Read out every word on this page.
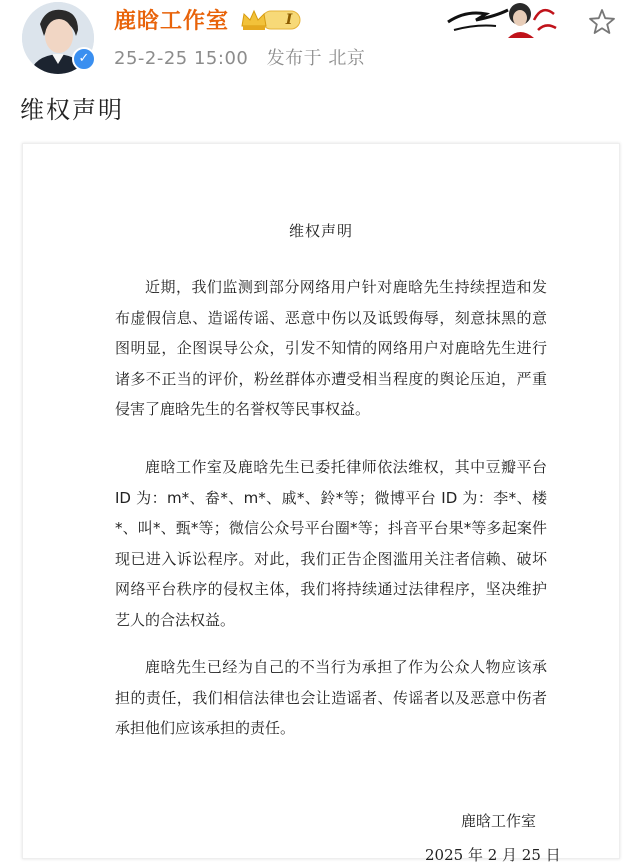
✓
鹿晗工作室	I
25-2-25 15:00 发布于 北京
维权声明
维权声明

近期，我们监测到部分网络用户针对鹿晗先生持续捏造和发布虚假信息、造谣传谣、恶意中伤以及诋毁侮辱，刻意抹黑的意图明显，企图误导公众，引发不知情的网络用户对鹿晗先生进行诸多不正当的评价，粉丝群体亦遭受相当程度的舆论压迫，严重侵害了鹿晗先生的名誉权等民事权益。

鹿晗工作室及鹿晗先生已委托律师依法维权，其中豆瓣平台 ID 为：m*、畚*、m*、戚*、鈴*等；微博平台 ID 为：李*、楼*、叫*、甄*等；微信公众号平台圈*等；抖音平台果*等多起案件现已进入诉讼程序。对此，我们正告企图滥用关注者信赖、破坏网络平台秩序的侵权主体，我们将持续通过法律程序，坚决维护艺人的合法权益。

鹿晗先生已经为自己的不当行为承担了作为公众人物应该承担的责任，我们相信法律也会让造谣者、传谣者以及恶意中伤者承担他们应该承担的责任。

鹿晗工作室
2025 年 2 月 25 日
